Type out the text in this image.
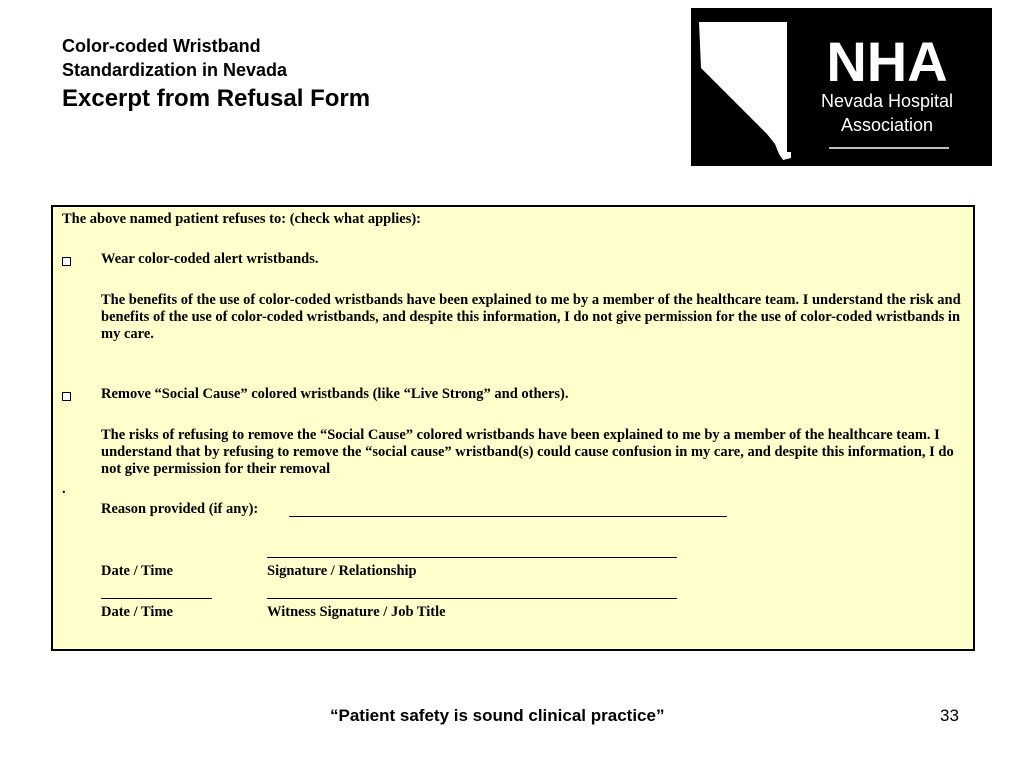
Color-coded Wristband
Standardization in Nevada
Excerpt from Refusal Form
NHA
Nevada Hospital
Association
The above named patient refuses to: (check what applies):
Wear color-coded alert wristbands.
The benefits of the use of color-coded wristbands have been explained to me by a member of the healthcare team. I understand the risk and benefits of the use of color-coded wristbands, and despite this information, I do not give permission for the use of color-coded wristbands in my care.
Remove “Social Cause” colored wristbands (like “Live Strong” and others).
The risks of refusing to remove the “Social Cause” colored wristbands have been explained to me by a member of the healthcare team. I understand that by refusing to remove the “social cause” wristband(s) could cause confusion in my care, and despite this information, I do not give permission for their removal
.
Reason provided (if any):
Date / Time	Signature / Relationship
Date / Time	Witness Signature / Job Title
“Patient safety is sound clinical practice”	33
